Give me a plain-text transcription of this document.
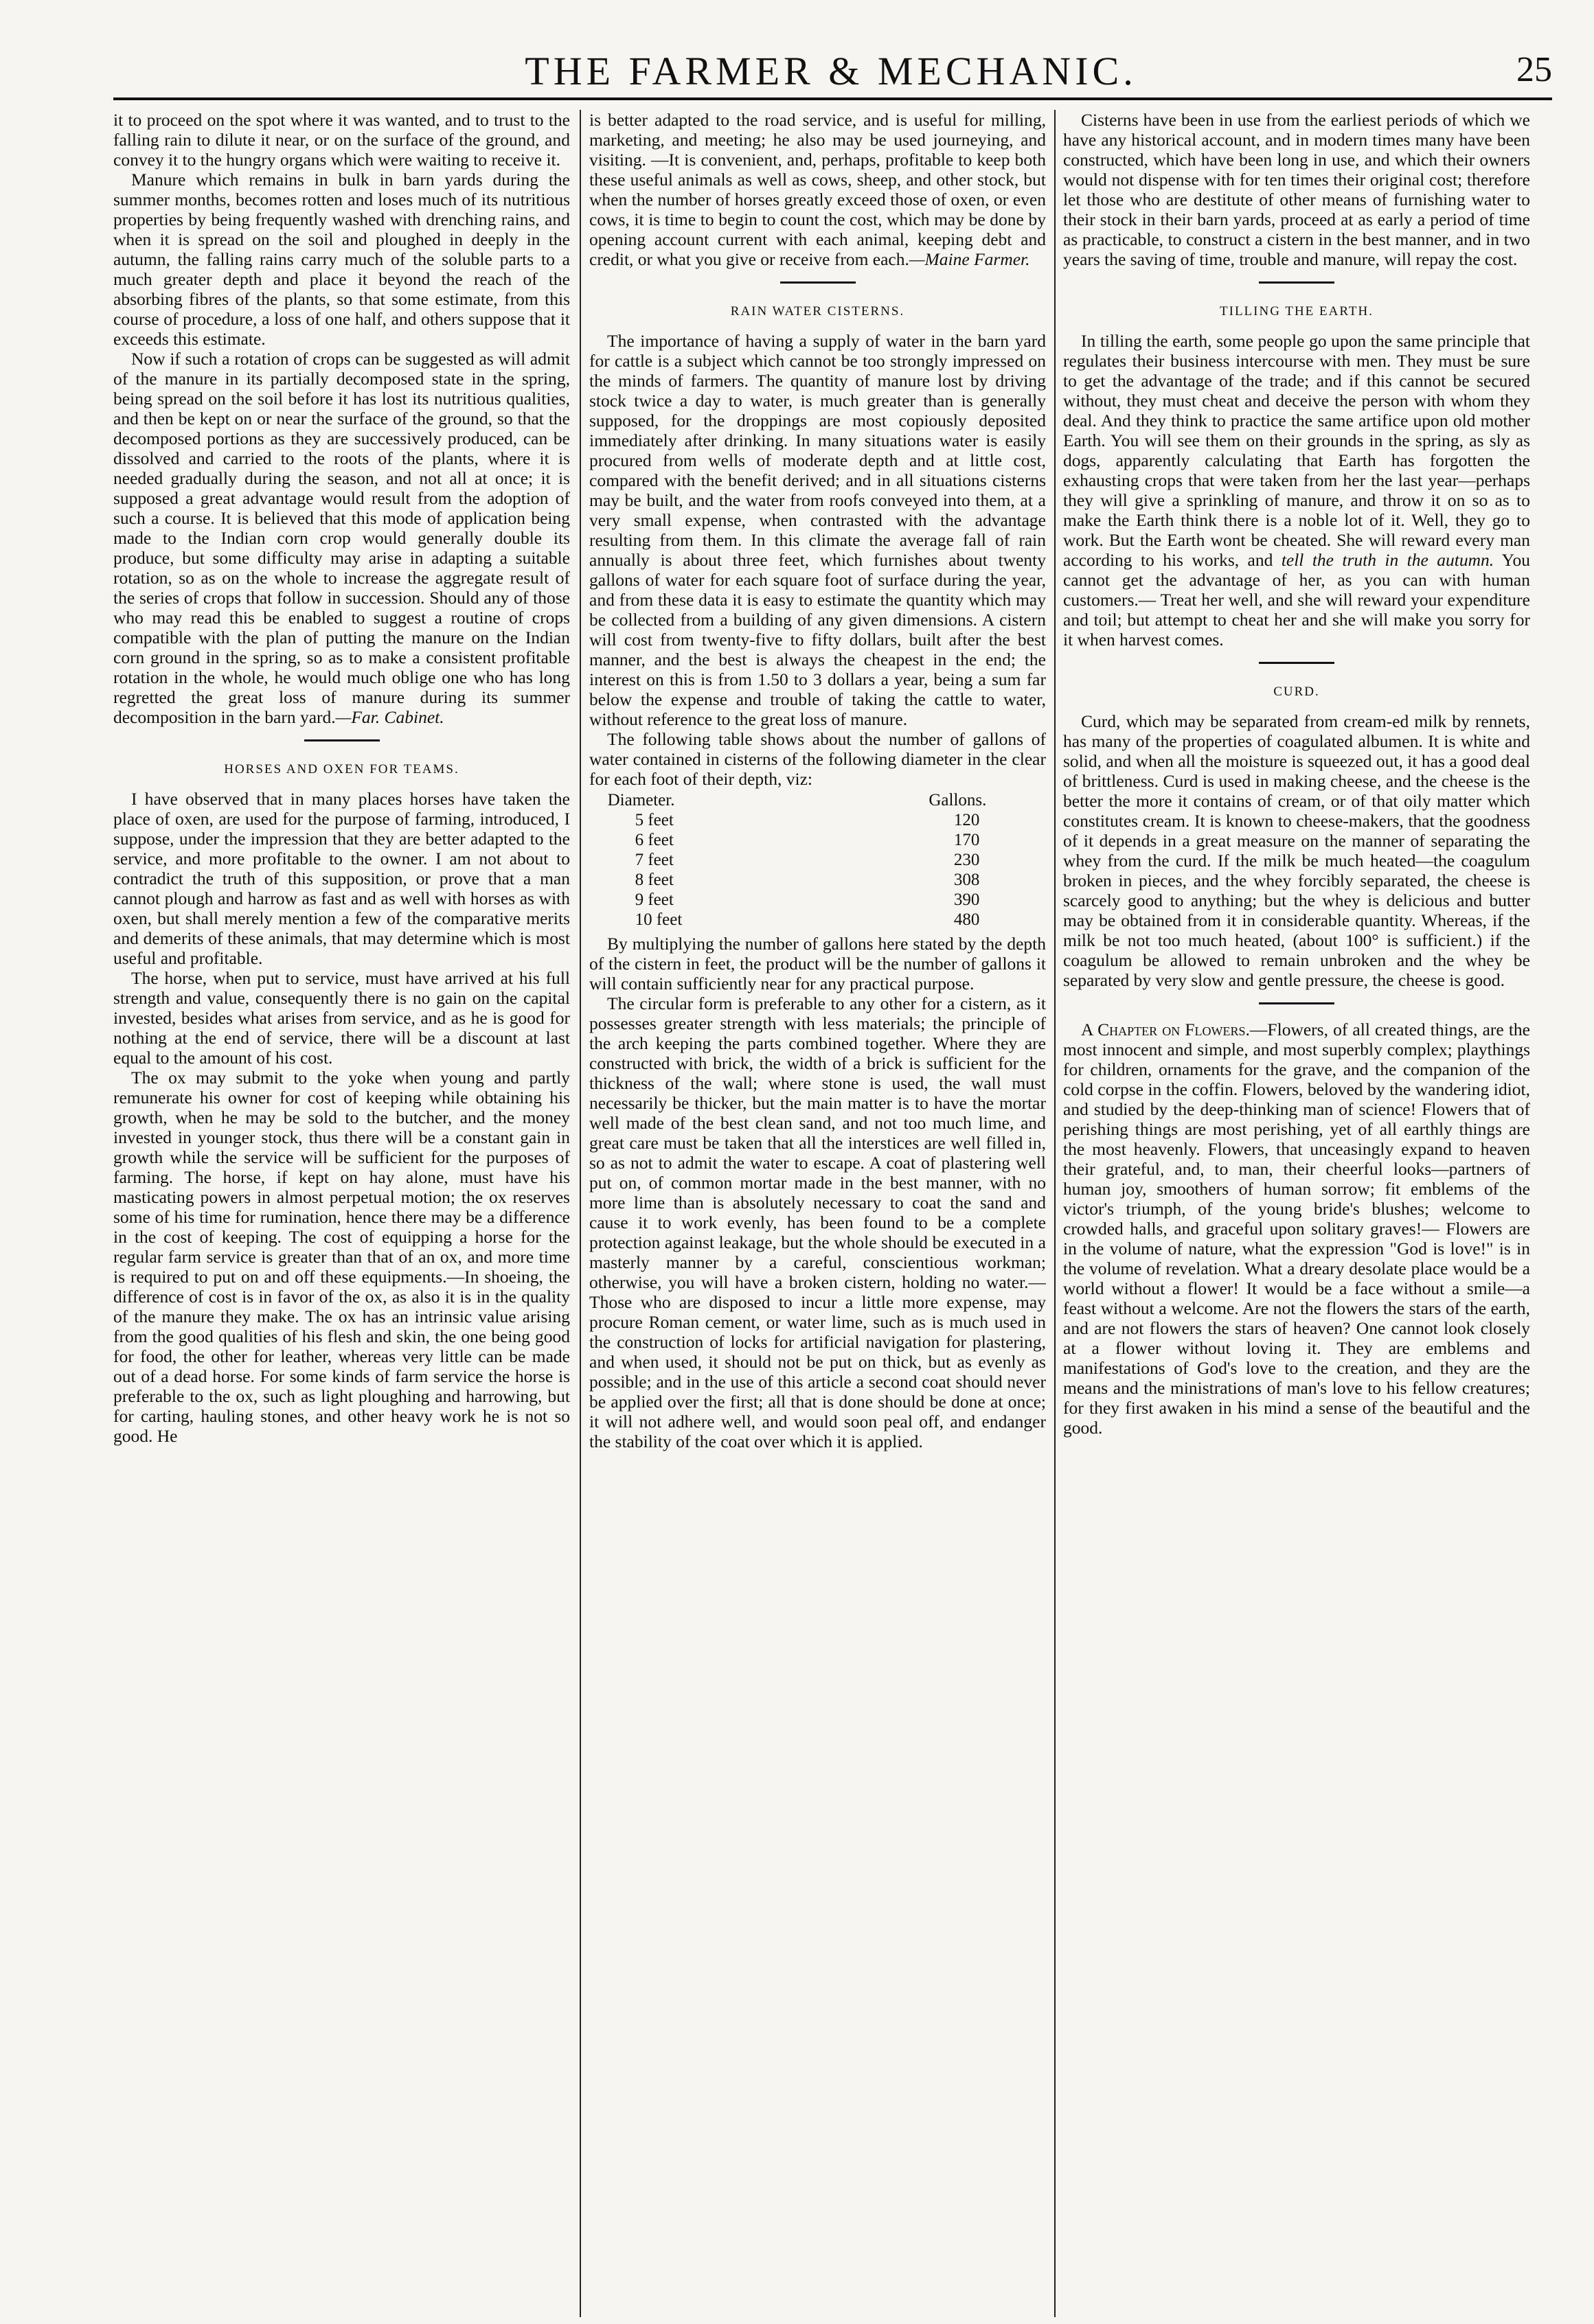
THE FARMER & MECHANIC.	25

it to proceed on the spot where it was wanted, and to trust to the falling rain to dilute it near, or on the surface of the ground, and convey it to the hungry organs which were waiting to receive it.

Manure which remains in bulk in barn yards during the summer months, becomes rotten and loses much of its nutritious properties by being frequently washed with drenching rains, and when it is spread on the soil and ploughed in deeply in the autumn, the falling rains carry much of the soluble parts to a much greater depth and place it beyond the reach of the absorbing fibres of the plants, so that some estimate, from this course of procedure, a loss of one half, and others suppose that it exceeds this estimate.

Now if such a rotation of crops can be suggested as will admit of the manure in its partially decomposed state in the spring, being spread on the soil before it has lost its nutritious qualities, and then be kept on or near the surface of the ground, so that the decomposed portions as they are successively produced, can be dissolved and carried to the roots of the plants, where it is needed gradually during the season, and not all at once; it is supposed a great advantage would result from the adoption of such a course. It is believed that this mode of application being made to the Indian corn crop would generally double its produce, but some difficulty may arise in adapting a suitable rotation, so as on the whole to increase the aggregate result of the series of crops that follow in succession. Should any of those who may read this be enabled to suggest a routine of crops compatible with the plan of putting the manure on the Indian corn ground in the spring, so as to make a consistent profitable rotation in the whole, he would much oblige one who has long regretted the great loss of manure during its summer decomposition in the barn yard.—Far. Cabinet.

HORSES AND OXEN FOR TEAMS.

I have observed that in many places horses have taken the place of oxen, are used for the purpose of farming, introduced, I suppose, under the impression that they are better adapted to the service, and more profitable to the owner. I am not about to contradict the truth of this supposition, or prove that a man cannot plough and harrow as fast and as well with horses as with oxen, but shall merely mention a few of the comparative merits and demerits of these animals, that may determine which is most useful and profitable.

The horse, when put to service, must have arrived at his full strength and value, consequently there is no gain on the capital invested, besides what arises from service, and as he is good for nothing at the end of service, there will be a discount at last equal to the amount of his cost.

The ox may submit to the yoke when young and partly remunerate his owner for cost of keeping while obtaining his growth, when he may be sold to the butcher, and the money invested in younger stock, thus there will be a constant gain in growth while the service will be sufficient for the purposes of farming. The horse, if kept on hay alone, must have his masticating powers in almost perpetual motion; the ox reserves some of his time for rumination, hence there may be a difference in the cost of keeping. The cost of equipping a horse for the regular farm service is greater than that of an ox, and more time is required to put on and off these equipments.—In shoeing, the difference of cost is in favor of the ox, as also it is in the quality of the manure they make. The ox has an intrinsic value arising from the good qualities of his flesh and skin, the one being good for food, the other for leather, whereas very little can be made out of a dead horse. For some kinds of farm service the horse is preferable to the ox, such as light ploughing and harrowing, but for carting, hauling stones, and other heavy work he is not so good. He

is better adapted to the road service, and is useful for milling, marketing, and meeting; he also may be used journeying, and visiting. —It is convenient, and, perhaps, profitable to keep both these useful animals as well as cows, sheep, and other stock, but when the number of horses greatly exceed those of oxen, or even cows, it is time to begin to count the cost, which may be done by opening account current with each animal, keeping debt and credit, or what you give or receive from each.—Maine Farmer.

RAIN WATER CISTERNS.

The importance of having a supply of water in the barn yard for cattle is a subject which cannot be too strongly impressed on the minds of farmers. The quantity of manure lost by driving stock twice a day to water, is much greater than is generally supposed, for the droppings are most copiously deposited immediately after drinking. In many situations water is easily procured from wells of moderate depth and at little cost, compared with the benefit derived; and in all situations cisterns may be built, and the water from roofs conveyed into them, at a very small expense, when contrasted with the advantage resulting from them. In this climate the average fall of rain annually is about three feet, which furnishes about twenty gallons of water for each square foot of surface during the year, and from these data it is easy to estimate the quantity which may be collected from a building of any given dimensions. A cistern will cost from twenty-five to fifty dollars, built after the best manner, and the best is always the cheapest in the end; the interest on this is from 1.50 to 3 dollars a year, being a sum far below the expense and trouble of taking the cattle to water, without reference to the great loss of manure.

The following table shows about the number of gallons of water contained in cisterns of the following diameter in the clear for each foot of their depth, viz:

Diameter.	Gallons.
5 feet	120
6 feet	170
7 feet	230
8 feet	308
9 feet	390
10 feet	480

By multiplying the number of gallons here stated by the depth of the cistern in feet, the product will be the number of gallons it will contain sufficiently near for any practical purpose.

The circular form is preferable to any other for a cistern, as it possesses greater strength with less materials; the principle of the arch keeping the parts combined together. Where they are constructed with brick, the width of a brick is sufficient for the thickness of the wall; where stone is used, the wall must necessarily be thicker, but the main matter is to have the mortar well made of the best clean sand, and not too much lime, and great care must be taken that all the interstices are well filled in, so as not to admit the water to escape. A coat of plastering well put on, of common mortar made in the best manner, with no more lime than is absolutely necessary to coat the sand and cause it to work evenly, has been found to be a complete protection against leakage, but the whole should be executed in a masterly manner by a careful, conscientious workman; otherwise, you will have a broken cistern, holding no water.— Those who are disposed to incur a little more expense, may procure Roman cement, or water lime, such as is much used in the construction of locks for artificial navigation for plastering, and when used, it should not be put on thick, but as evenly as possible; and in the use of this article a second coat should never be applied over the first; all that is done should be done at once; it will not adhere well, and would soon peal off, and endanger the stability of the coat over which it is applied.

Cisterns have been in use from the earliest periods of which we have any historical account, and in modern times many have been constructed, which have been long in use, and which their owners would not dispense with for ten times their original cost; therefore let those who are destitute of other means of furnishing water to their stock in their barn yards, proceed at as early a period of time as practicable, to construct a cistern in the best manner, and in two years the saving of time, trouble and manure, will repay the cost.

TILLING THE EARTH.

In tilling the earth, some people go upon the same principle that regulates their business intercourse with men. They must be sure to get the advantage of the trade; and if this cannot be secured without, they must cheat and deceive the person with whom they deal. And they think to practice the same artifice upon old mother Earth. You will see them on their grounds in the spring, as sly as dogs, apparently calculating that Earth has forgotten the exhausting crops that were taken from her the last year—perhaps they will give a sprinkling of manure, and throw it on so as to make the Earth think there is a noble lot of it. Well, they go to work. But the Earth wont be cheated. She will reward every man according to his works, and tell the truth in the autumn. You cannot get the advantage of her, as you can with human customers.— Treat her well, and she will reward your expenditure and toil; but attempt to cheat her and she will make you sorry for it when harvest comes.

CURD.

Curd, which may be separated from cream-ed milk by rennets, has many of the properties of coagulated albumen. It is white and solid, and when all the moisture is squeezed out, it has a good deal of brittleness. Curd is used in making cheese, and the cheese is the better the more it contains of cream, or of that oily matter which constitutes cream. It is known to cheese-makers, that the goodness of it depends in a great measure on the manner of separating the whey from the curd. If the milk be much heated—the coagulum broken in pieces, and the whey forcibly separated, the cheese is scarcely good to anything; but the whey is delicious and butter may be obtained from it in considerable quantity. Whereas, if the milk be not too much heated, (about 100° is sufficient.) if the coagulum be allowed to remain unbroken and the whey be separated by very slow and gentle pressure, the cheese is good.

A Chapter on Flowers.—Flowers, of all created things, are the most innocent and simple, and most superbly complex; playthings for children, ornaments for the grave, and the companion of the cold corpse in the coffin. Flowers, beloved by the wandering idiot, and studied by the deep-thinking man of science! Flowers that of perishing things are most perishing, yet of all earthly things are the most heavenly. Flowers, that unceasingly expand to heaven their grateful, and, to man, their cheerful looks—partners of human joy, smoothers of human sorrow; fit emblems of the victor's triumph, of the young bride's blushes; welcome to crowded halls, and graceful upon solitary graves!— Flowers are in the volume of nature, what the expression "God is love!" is in the volume of revelation. What a dreary desolate place would be a world without a flower! It would be a face without a smile—a feast without a welcome. Are not the flowers the stars of the earth, and are not flowers the stars of heaven? One cannot look closely at a flower without loving it. They are emblems and manifestations of God's love to the creation, and they are the means and the ministrations of man's love to his fellow creatures; for they first awaken in his mind a sense of the beautiful and the good.
